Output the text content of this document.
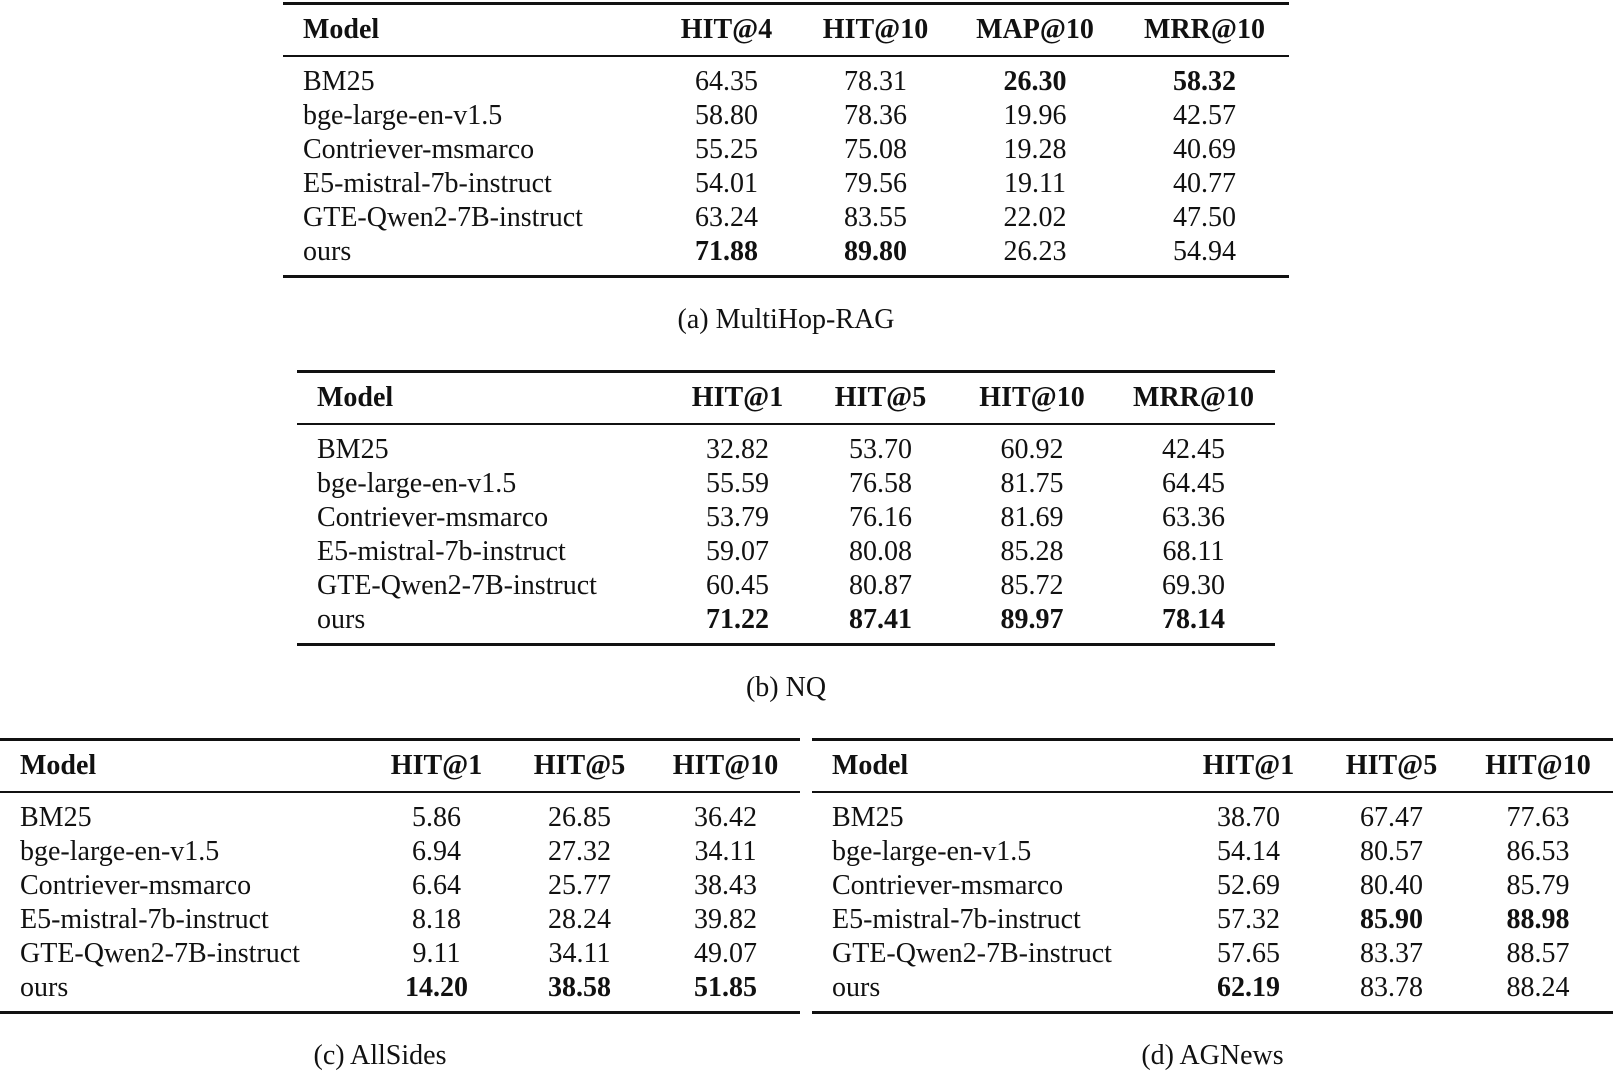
Model	HIT@4	HIT@10	MAP@10	MRR@10
BM25	64.35	78.31	26.30	58.32
bge-large-en-v1.5	58.80	78.36	19.96	42.57
Contriever-msmarco	55.25	75.08	19.28	40.69
E5-mistral-7b-instruct	54.01	79.56	19.11	40.77
GTE-Qwen2-7B-instruct	63.24	83.55	22.02	47.50
ours	71.88	89.80	26.23	54.94
(a) MultiHop-RAG
Model	HIT@1	HIT@5	HIT@10	MRR@10
BM25	32.82	53.70	60.92	42.45
bge-large-en-v1.5	55.59	76.58	81.75	64.45
Contriever-msmarco	53.79	76.16	81.69	63.36
E5-mistral-7b-instruct	59.07	80.08	85.28	68.11
GTE-Qwen2-7B-instruct	60.45	80.87	85.72	69.30
ours	71.22	87.41	89.97	78.14
(b) NQ
Model	HIT@1	HIT@5	HIT@10
BM25	5.86	26.85	36.42
bge-large-en-v1.5	6.94	27.32	34.11
Contriever-msmarco	6.64	25.77	38.43
E5-mistral-7b-instruct	8.18	28.24	39.82
GTE-Qwen2-7B-instruct	9.11	34.11	49.07
ours	14.20	38.58	51.85
(c) AllSides
Model	HIT@1	HIT@5	HIT@10
BM25	38.70	67.47	77.63
bge-large-en-v1.5	54.14	80.57	86.53
Contriever-msmarco	52.69	80.40	85.79
E5-mistral-7b-instruct	57.32	85.90	88.98
GTE-Qwen2-7B-instruct	57.65	83.37	88.57
ours	62.19	83.78	88.24
(d) AGNews
